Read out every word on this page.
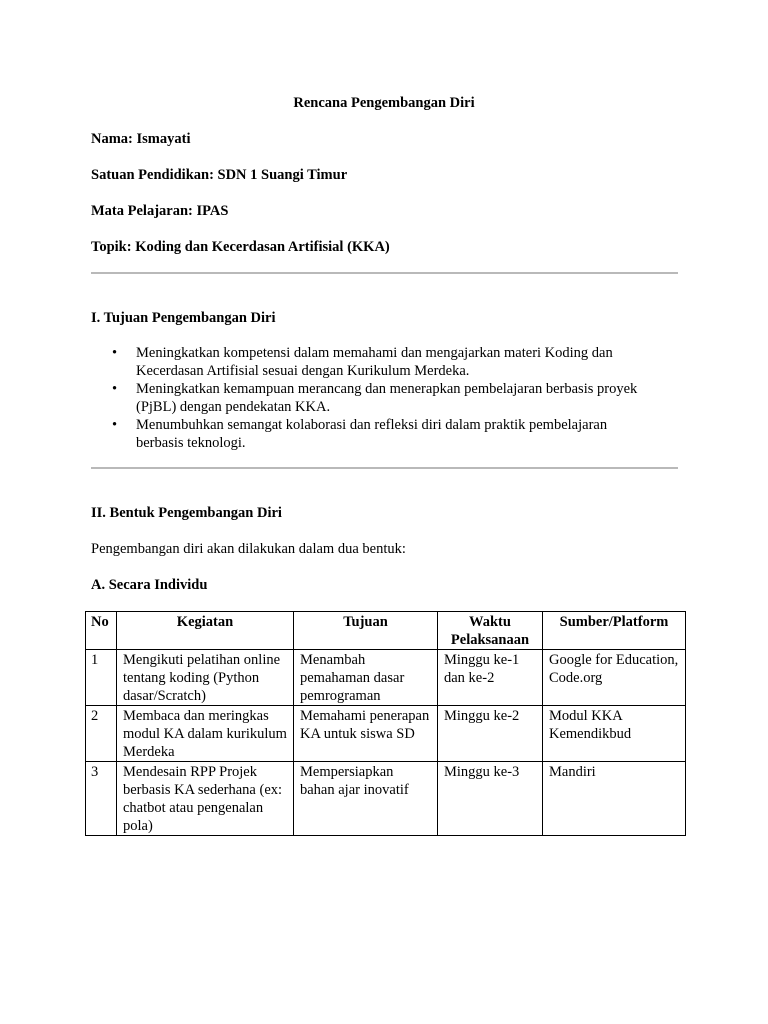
Rencana Pengembangan Diri
Nama: Ismayati
Satuan Pendidikan: SDN 1 Suangi Timur
Mata Pelajaran: IPAS
Topik: Koding dan Kecerdasan Artifisial (KKA)
I. Tujuan Pengembangan Diri
• Meningkatkan kompetensi dalam memahami dan mengajarkan materi Koding dan Kecerdasan Artifisial sesuai dengan Kurikulum Merdeka.
• Meningkatkan kemampuan merancang dan menerapkan pembelajaran berbasis proyek (PjBL) dengan pendekatan KKA.
• Menumbuhkan semangat kolaborasi dan refleksi diri dalam praktik pembelajaran berbasis teknologi.
II. Bentuk Pengembangan Diri
Pengembangan diri akan dilakukan dalam dua bentuk:
A. Secara Individu
No	Kegiatan	Tujuan	Waktu Pelaksanaan	Sumber/Platform
1	Mengikuti pelatihan online tentang koding (Python dasar/Scratch)	Menambah pemahaman dasar pemrograman	Minggu ke-1 dan ke-2	Google for Education, Code.org
2	Membaca dan meringkas modul KA dalam kurikulum Merdeka	Memahami penerapan KA untuk siswa SD	Minggu ke-2	Modul KKA Kemendikbud
3	Mendesain RPP Projek berbasis KA sederhana (ex: chatbot atau pengenalan pola)	Mempersiapkan bahan ajar inovatif	Minggu ke-3	Mandiri
